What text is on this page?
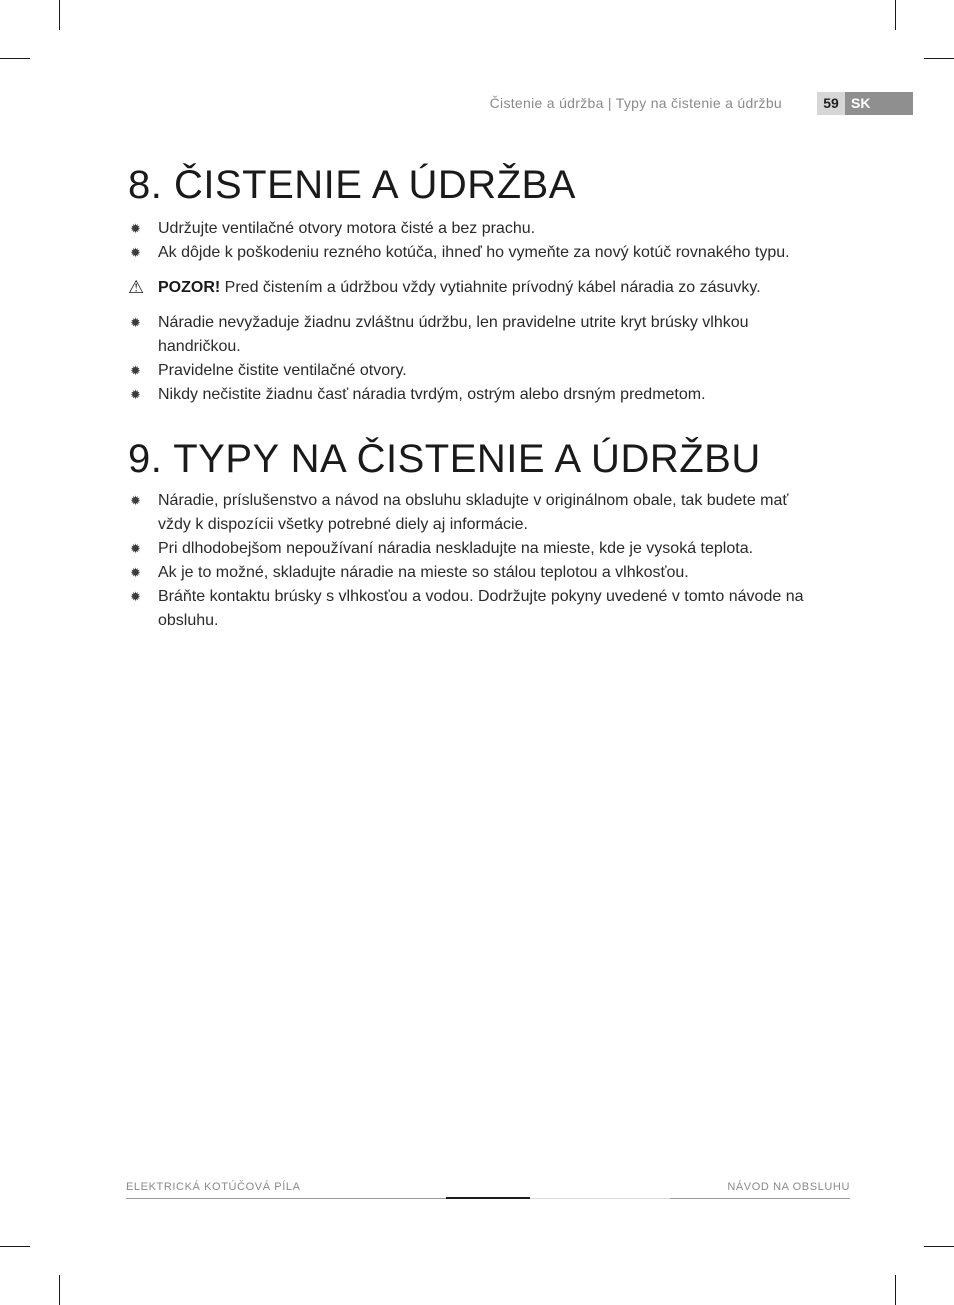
Čistenie a údržba | Typy na čistenie a údržbu	59 SK
8. ČISTENIE A ÚDRŽBA
✹ Udržujte ventilačné otvory motora čisté a bez prachu.
✹ Ak dôjde k poškodeniu rezného kotúča, ihneď ho vymeňte za nový kotúč rovnakého typu.
⚠ POZOR! Pred čistením a údržbou vždy vytiahnite prívodný kábel náradia zo zásuvky.
✹ Náradie nevyžaduje žiadnu zvláštnu údržbu, len pravidelne utrite kryt brúsky vlhkou handričkou.
✹ Pravidelne čistite ventilačné otvory.
✹ Nikdy nečistite žiadnu časť náradia tvrdým, ostrým alebo drsným predmetom.
9. TYPY NA ČISTENIE A ÚDRŽBU
✹ Náradie, príslušenstvo a návod na obsluhu skladujte v originálnom obale, tak budete mať vždy k dispozícii všetky potrebné diely aj informácie.
✹ Pri dlhodobejšom nepoužívaní náradia neskladujte na mieste, kde je vysoká teplota.
✹ Ak je to možné, skladujte náradie na mieste so stálou teplotou a vlhkosťou.
✹ Bráňte kontaktu brúsky s vlhkosťou a vodou. Dodržujte pokyny uvedené v tomto návode na obsluhu.
ELEKTRICKÁ KOTÚČOVÁ PÍLA	NÁVOD NA OBSLUHU
